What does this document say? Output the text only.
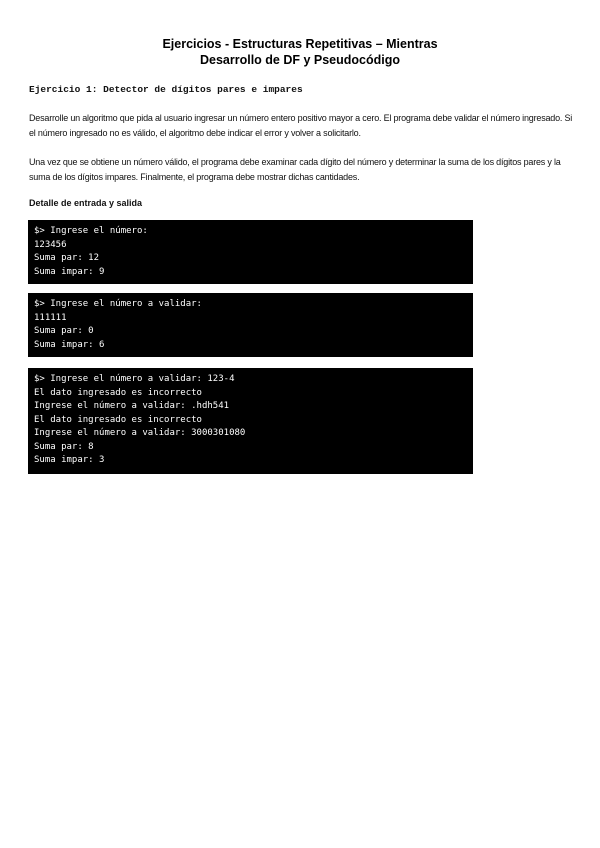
Ejercicios - Estructuras Repetitivas – Mientras
Desarrollo de DF y Pseudocódigo
Ejercicio 1: Detector de dígitos pares e impares

Desarrolle un algoritmo que pida al usuario ingresar un número entero positivo mayor a cero. El programa debe validar el número ingresado. Si el número ingresado no es válido, el algoritmo debe indicar el error y volver a solicitarlo.

Una vez que se obtiene un número válido, el programa debe examinar cada dígito del número y determinar la suma de los dígitos pares y la suma de los dígitos impares. Finalmente, el programa debe mostrar dichas cantidades.

Detalle de entrada y salida
$> Ingrese el número:
123456
Suma par: 12
Suma impar: 9
$> Ingrese el número a validar:
111111
Suma par: 0
Suma impar: 6
$> Ingrese el número a validar: 123-4
El dato ingresado es incorrecto
Ingrese el número a validar: .hdh541
El dato ingresado es incorrecto
Ingrese el número a validar: 3000301080
Suma par: 8
Suma impar: 3
